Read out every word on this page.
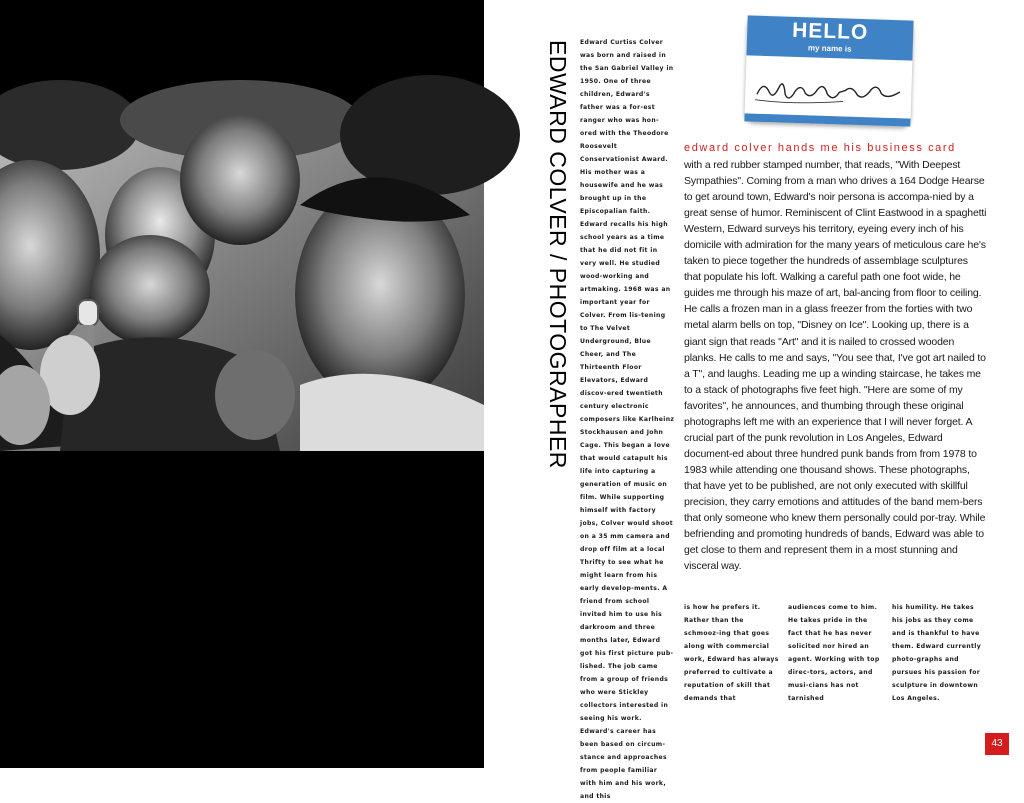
EDWARD COLVER / PHOTOGRAPHER Edward Curtiss Colver was born and raised in the San Gabriel Valley in 1950. One of three children, Edward's father was a for-est ranger who was hon-ored with the Theodore Roosevelt Conservationist Award. His mother was a housewife and he was brought up in the Episcopalian faith. Edward recalls his high school years as a time that he did not fit in very well. He studied wood-working and artmaking. 1968 was an important year for Colver. From lis-tening to The Velvet Underground, Blue Cheer, and The Thirteenth Floor Elevators, Edward discov-ered twentieth century electronic composers like Karlheinz Stockhausen and John Cage. This began a love that would catapult his life into capturing a generation of music on film. While supporting himself with factory jobs, Colver would shoot on a 35 mm camera and drop off film at a local Thrifty to see what he might learn from his early develop-ments. A friend from school invited him to use his darkroom and three months later, Edward got his first picture pub-lished. The job came from a group of friends who were Stickley collectors interested in seeing his work. Edward's career has been based on circum-stance and approaches from people familiar with him and his work, and this
HELLO
my name is
edward colver hands me his business card
with a red rubber stamped number, that reads, "With Deepest Sympathies". Coming from a man who drives a 164 Dodge Hearse to get around town, Edward's noir persona is accompa-nied by a great sense of humor. Reminiscent of Clint Eastwood in a spaghetti Western, Edward surveys his territory, eyeing every inch of his domicile with admiration for the many years of meticulous care he's taken to piece together the hundreds of assemblage sculptures that populate his loft. Walking a careful path one foot wide, he guides me through his maze of art, bal-ancing from floor to ceiling. He calls a frozen man in a glass freezer from the forties with two metal alarm bells on top, "Disney on Ice". Looking up, there is a giant sign that reads "Art" and it is nailed to crossed wooden planks. He calls to me and says, "You see that, I've got art nailed to a T", and laughs. Leading me up a winding staircase, he takes me to a stack of photographs five feet high. "Here are some of my favorites", he announces, and thumbing through these original photographs left me with an experience that I will never forget. A crucial part of the punk revolution in Los Angeles, Edward document-ed about three hundred punk bands from from 1978 to 1983 while attending one thousand shows. These photographs, that have yet to be published, are not only executed with skillful precision, they carry emotions and attitudes of the band mem-bers that only someone who knew them personally could por-tray. While befriending and promoting hundreds of bands, Edward was able to get close to them and represent them in a most stunning and visceral way.
is how he prefers it. Rather than the schmooz-ing that goes along with commercial work, Edward has always preferred to cultivate a reputation of skill that demands that
audiences come to him. He takes pride in the fact that he has never solicited nor hired an agent. Working with top direc-tors, actors, and musi-cians has not tarnished
his humility. He takes his jobs as they come and is thankful to have them. Edward currently photo-graphs and pursues his passion for sculpture in downtown Los Angeles.
43
